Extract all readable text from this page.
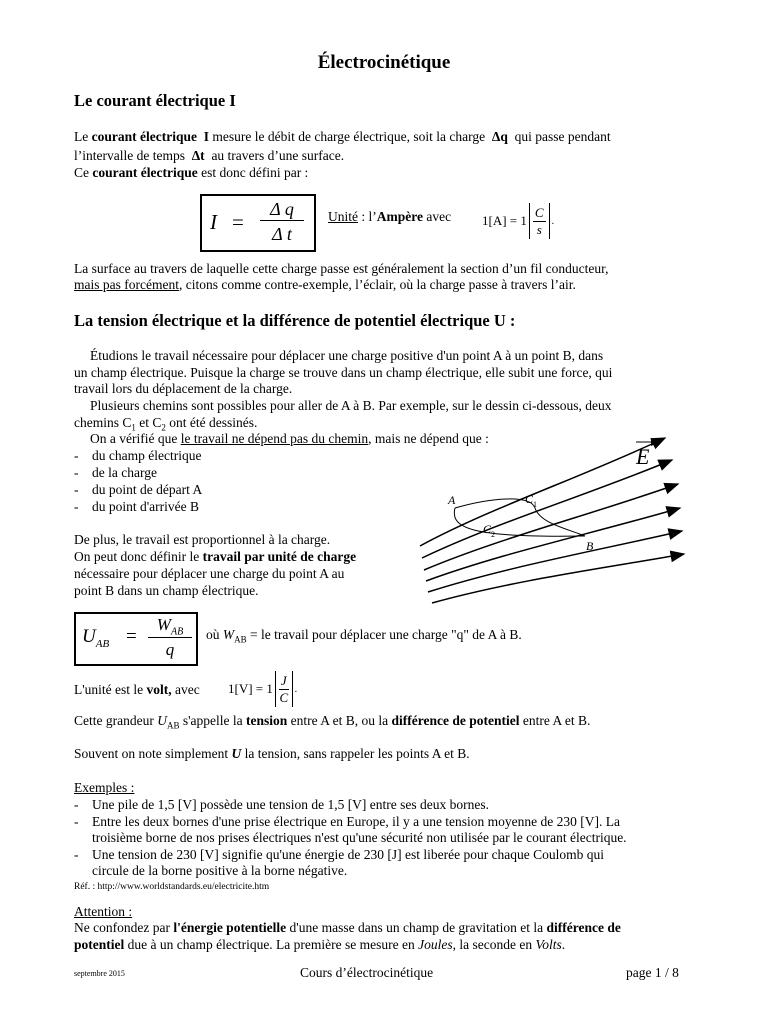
Électrocinétique
Le courant électrique I
Le courant électrique I mesure le débit de charge électrique, soit la charge  Δq  qui passe pendant
l’intervalle de temps  Δt  au travers d’une surface.
Ce courant électrique est donc défini par :
I =
Δ q
Δ t
Unité : l’Ampère avec 1[A] = 1
C
s
.
La surface au travers de laquelle cette charge passe est généralement la section d’un fil conducteur,
mais pas forcément, citons comme contre-exemple, l’éclair, où la charge passe à travers l’air.
La tension électrique et la différence de potentiel électrique U :
Étudions le travail nécessaire pour déplacer une charge positive d'un point A à un point B, dans
un champ électrique. Puisque la charge se trouve dans un champ électrique, elle subit une force, qui
travail lors du déplacement de la charge.
Plusieurs chemins sont possibles pour aller de A à B. Par exemple, sur le dessin ci-dessous, deux
chemins $C_1$ et $C_2$ ont été dessinés.
On a vérifié que le travail ne dépend pas du chemin, mais ne dépend que :
- du champ électrique
- de la charge
- du point de départ A
- du point d'arrivée B
De plus, le travail est proportionnel à la charge.
On peut donc définir le travail par unité de charge
nécessaire pour déplacer une charge du point A au
point B dans un champ électrique.
E
A
B
C 1
C 2
$U_{AB}$ =
$W_{AB}$
q
où $W_{AB}$ = le travail pour déplacer une charge "q" de A à B.
L'unité est le volt, avec 1[V] = 1
J
C
.
Cette grandeur $U_{AB}$ s'appelle la tension entre A et B, ou la différence de potentiel entre A et B.
Souvent on note simplement U la tension, sans rappeler les points A et B.
Exemples :
- Une pile de 1,5 [V] possède une tension de 1,5 [V] entre ses deux bornes.
- Entre les deux bornes d'une prise électrique en Europe, il y a une tension moyenne de 230 [V]. La
troisième borne de nos prises électriques n'est qu'une sécurité non utilisée par le courant électrique.
- Une tension de 230 [V] signifie qu'une énergie de 230 [J] est liberée pour chaque Coulomb qui
circule de la borne positive à la borne négative.
Réf. : http://www.worldstandards.eu/electricite.htm
Attention :
Ne confondez par l'énergie potentielle d'une masse dans un champ de gravitation et la différence de
potentiel due à un champ électrique. La première se mesure en Joules, la seconde en Volts.
septembre 2015	Cours d’électrocinétique	page 1 / 8
